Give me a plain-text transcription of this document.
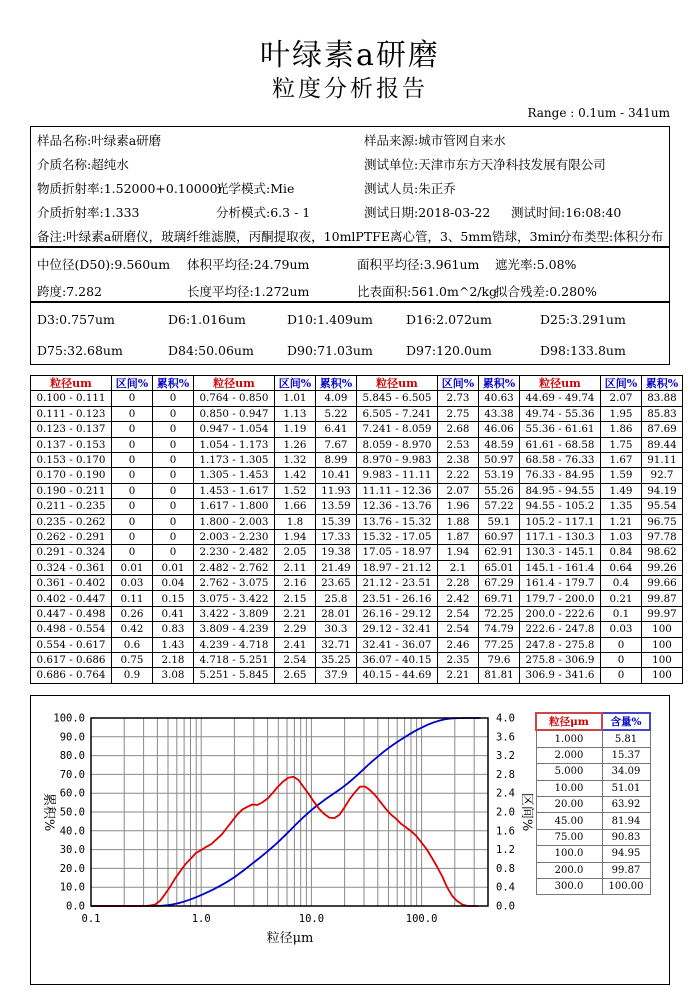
叶绿素a研磨
粒度分析报告
Range : 0.1um - 341um
样品名称:叶绿素a研磨	样品来源:城市管网自来水
介质名称:超纯水	测试单位:天津市东方天净科技发展有限公司
物质折射率:1.52000+0.10000i
光学模式:Mie	测试人员:朱正乔
介质折射率:1.333	分析模式:6.3 - 1	测试日期:2018-03-22 测试时间:16:08:40
备注:叶绿素a研磨仪，玻璃纤维滤膜，丙酮提取夜，10mlPTFE离心管，3、5mm锆球，3min
分布类型:体积分布
中位径(D50):9.560um 体积平均径:24.79um	面积平均径:3.961um 遮光率:5.08%
跨度:7.282	长度平均径:1.272um	比表面积:561.0m^2/kg
拟合残差:0.280%
D3:0.757um	D6:1.016um	D10:1.409um	D16:2.072um	D25:3.291um
D75:32.68um	D84:50.06um	D90:71.03um	D97:120.0um	D98:133.8um
粒径um	区间%	累积%	粒径um	区间%	累积%	粒径um	区间%	累积%	粒径um	区间%	累积%
0.100 - 0.111	0	0	0.764 - 0.850	1.01	4.09	5.845 - 6.505	2.73	40.63	44.69 - 49.74	2.07	83.88
0.111 - 0.123	0	0	0.850 - 0.947	1.13	5.22	6.505 - 7.241	2.75	43.38	49.74 - 55.36	1.95	85.83
0.123 - 0.137	0	0	0.947 - 1.054	1.19	6.41	7.241 - 8.059	2.68	46.06	55.36 - 61.61	1.86	87.69
0.137 - 0.153	0	0	1.054 - 1.173	1.26	7.67	8.059 - 8.970	2.53	48.59	61.61 - 68.58	1.75	89.44
0.153 - 0.170	0	0	1.173 - 1.305	1.32	8.99	8.970 - 9.983	2.38	50.97	68.58 - 76.33	1.67	91.11
0.170 - 0.190	0	0	1.305 - 1.453	1.42	10.41	9.983 - 11.11	2.22	53.19	76.33 - 84.95	1.59	92.7
0.190 - 0.211	0	0	1.453 - 1.617	1.52	11.93	11.11 - 12.36	2.07	55.26	84.95 - 94.55	1.49	94.19
0.211 - 0.235	0	0	1.617 - 1.800	1.66	13.59	12.36 - 13.76	1.96	57.22	94.55 - 105.2	1.35	95.54
0.235 - 0.262	0	0	1.800 - 2.003	1.8	15.39	13.76 - 15.32	1.88	59.1	105.2 - 117.1	1.21	96.75
0.262 - 0.291	0	0	2.003 - 2.230	1.94	17.33	15.32 - 17.05	1.87	60.97	117.1 - 130.3	1.03	97.78
0.291 - 0.324	0	0	2.230 - 2.482	2.05	19.38	17.05 - 18.97	1.94	62.91	130.3 - 145.1	0.84	98.62
0.324 - 0.361	0.01	0.01	2.482 - 2.762	2.11	21.49	18.97 - 21.12	2.1	65.01	145.1 - 161.4	0.64	99.26
0.361 - 0.402	0.03	0.04	2.762 - 3.075	2.16	23.65	21.12 - 23.51	2.28	67.29	161.4 - 179.7	0.4	99.66
0.402 - 0.447	0.11	0.15	3.075 - 3.422	2.15	25.8	23.51 - 26.16	2.42	69.71	179.7 - 200.0	0.21	99.87
0.447 - 0.498	0.26	0.41	3.422 - 3.809	2.21	28.01	26.16 - 29.12	2.54	72.25	200.0 - 222.6	0.1	99.97
0.498 - 0.554	0.42	0.83	3.809 - 4.239	2.29	30.3	29.12 - 32.41	2.54	74.79	222.6 - 247.8	0.03	100
0.554 - 0.617	0.6	1.43	4.239 - 4.718	2.41	32.71	32.41 - 36.07	2.46	77.25	247.8 - 275.8	0	100
0.617 - 0.686	0.75	2.18	4.718 - 5.251	2.54	35.25	36.07 - 40.15	2.35	79.6	275.8 - 306.9	0	100
0.686 - 0.764	0.9	3.08	5.251 - 5.845	2.65	37.9	40.15 - 44.69	2.21	81.81	306.9 - 341.6	0	100
100.0
90.0
80.0
70.0
60.0
50.0
40.0
30.0
20.0
10.0
0.0
4.0
3.6
3.2
2.8
2.4
2.0
1.6
1.2
0.8
0.4
0.0
0.1	1.0	10.0	100.0
粒径μm
累积%	区间%
粒径μm	含量%
1.000	5.81
2.000	15.37
5.000	34.09
10.00	51.01
20.00	63.92
45.00	81.94
75.00	90.83
100.0	94.95
200.0	99.87
300.0	100.00
